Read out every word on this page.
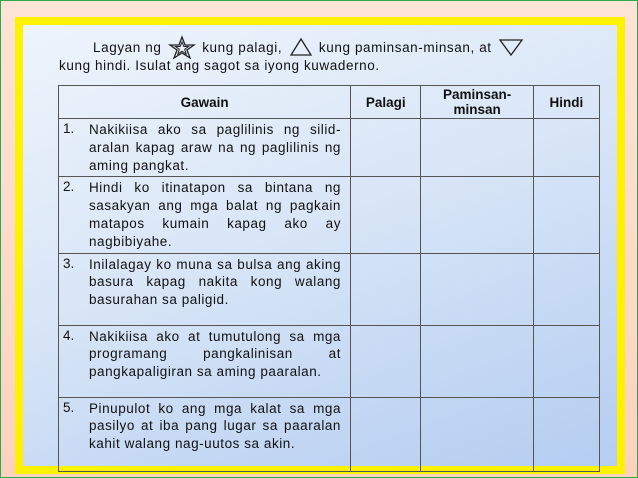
Lagyan ng	kung palagi,	kung paminsan-minsan, at
kung hindi. Isulat ang sagot sa iyong kuwaderno.
Gawain	Palagi	Paminsan-minsan	Hindi
1. Nakikiisa ako sa paglilinis ng silid-aralan kapag araw na ng paglilinis ng aming pangkat.			
2. Hindi ko itinatapon sa bintana ng sasakyan ang mga balat ng pagkain matapos kumain kapag ako ay nagbibiyahe.			
3. Inilalagay ko muna sa bulsa ang aking basura kapag nakita kong walang basurahan sa paligid.			
4. Nakikiisa ako at tumutulong sa mga programang pangkalinisan at pangkapaligiran sa aming paaralan.			
5. Pinupulot ko ang mga kalat sa mga pasilyo at iba pang lugar sa paaralan kahit walang nag-uutos sa akin.			
